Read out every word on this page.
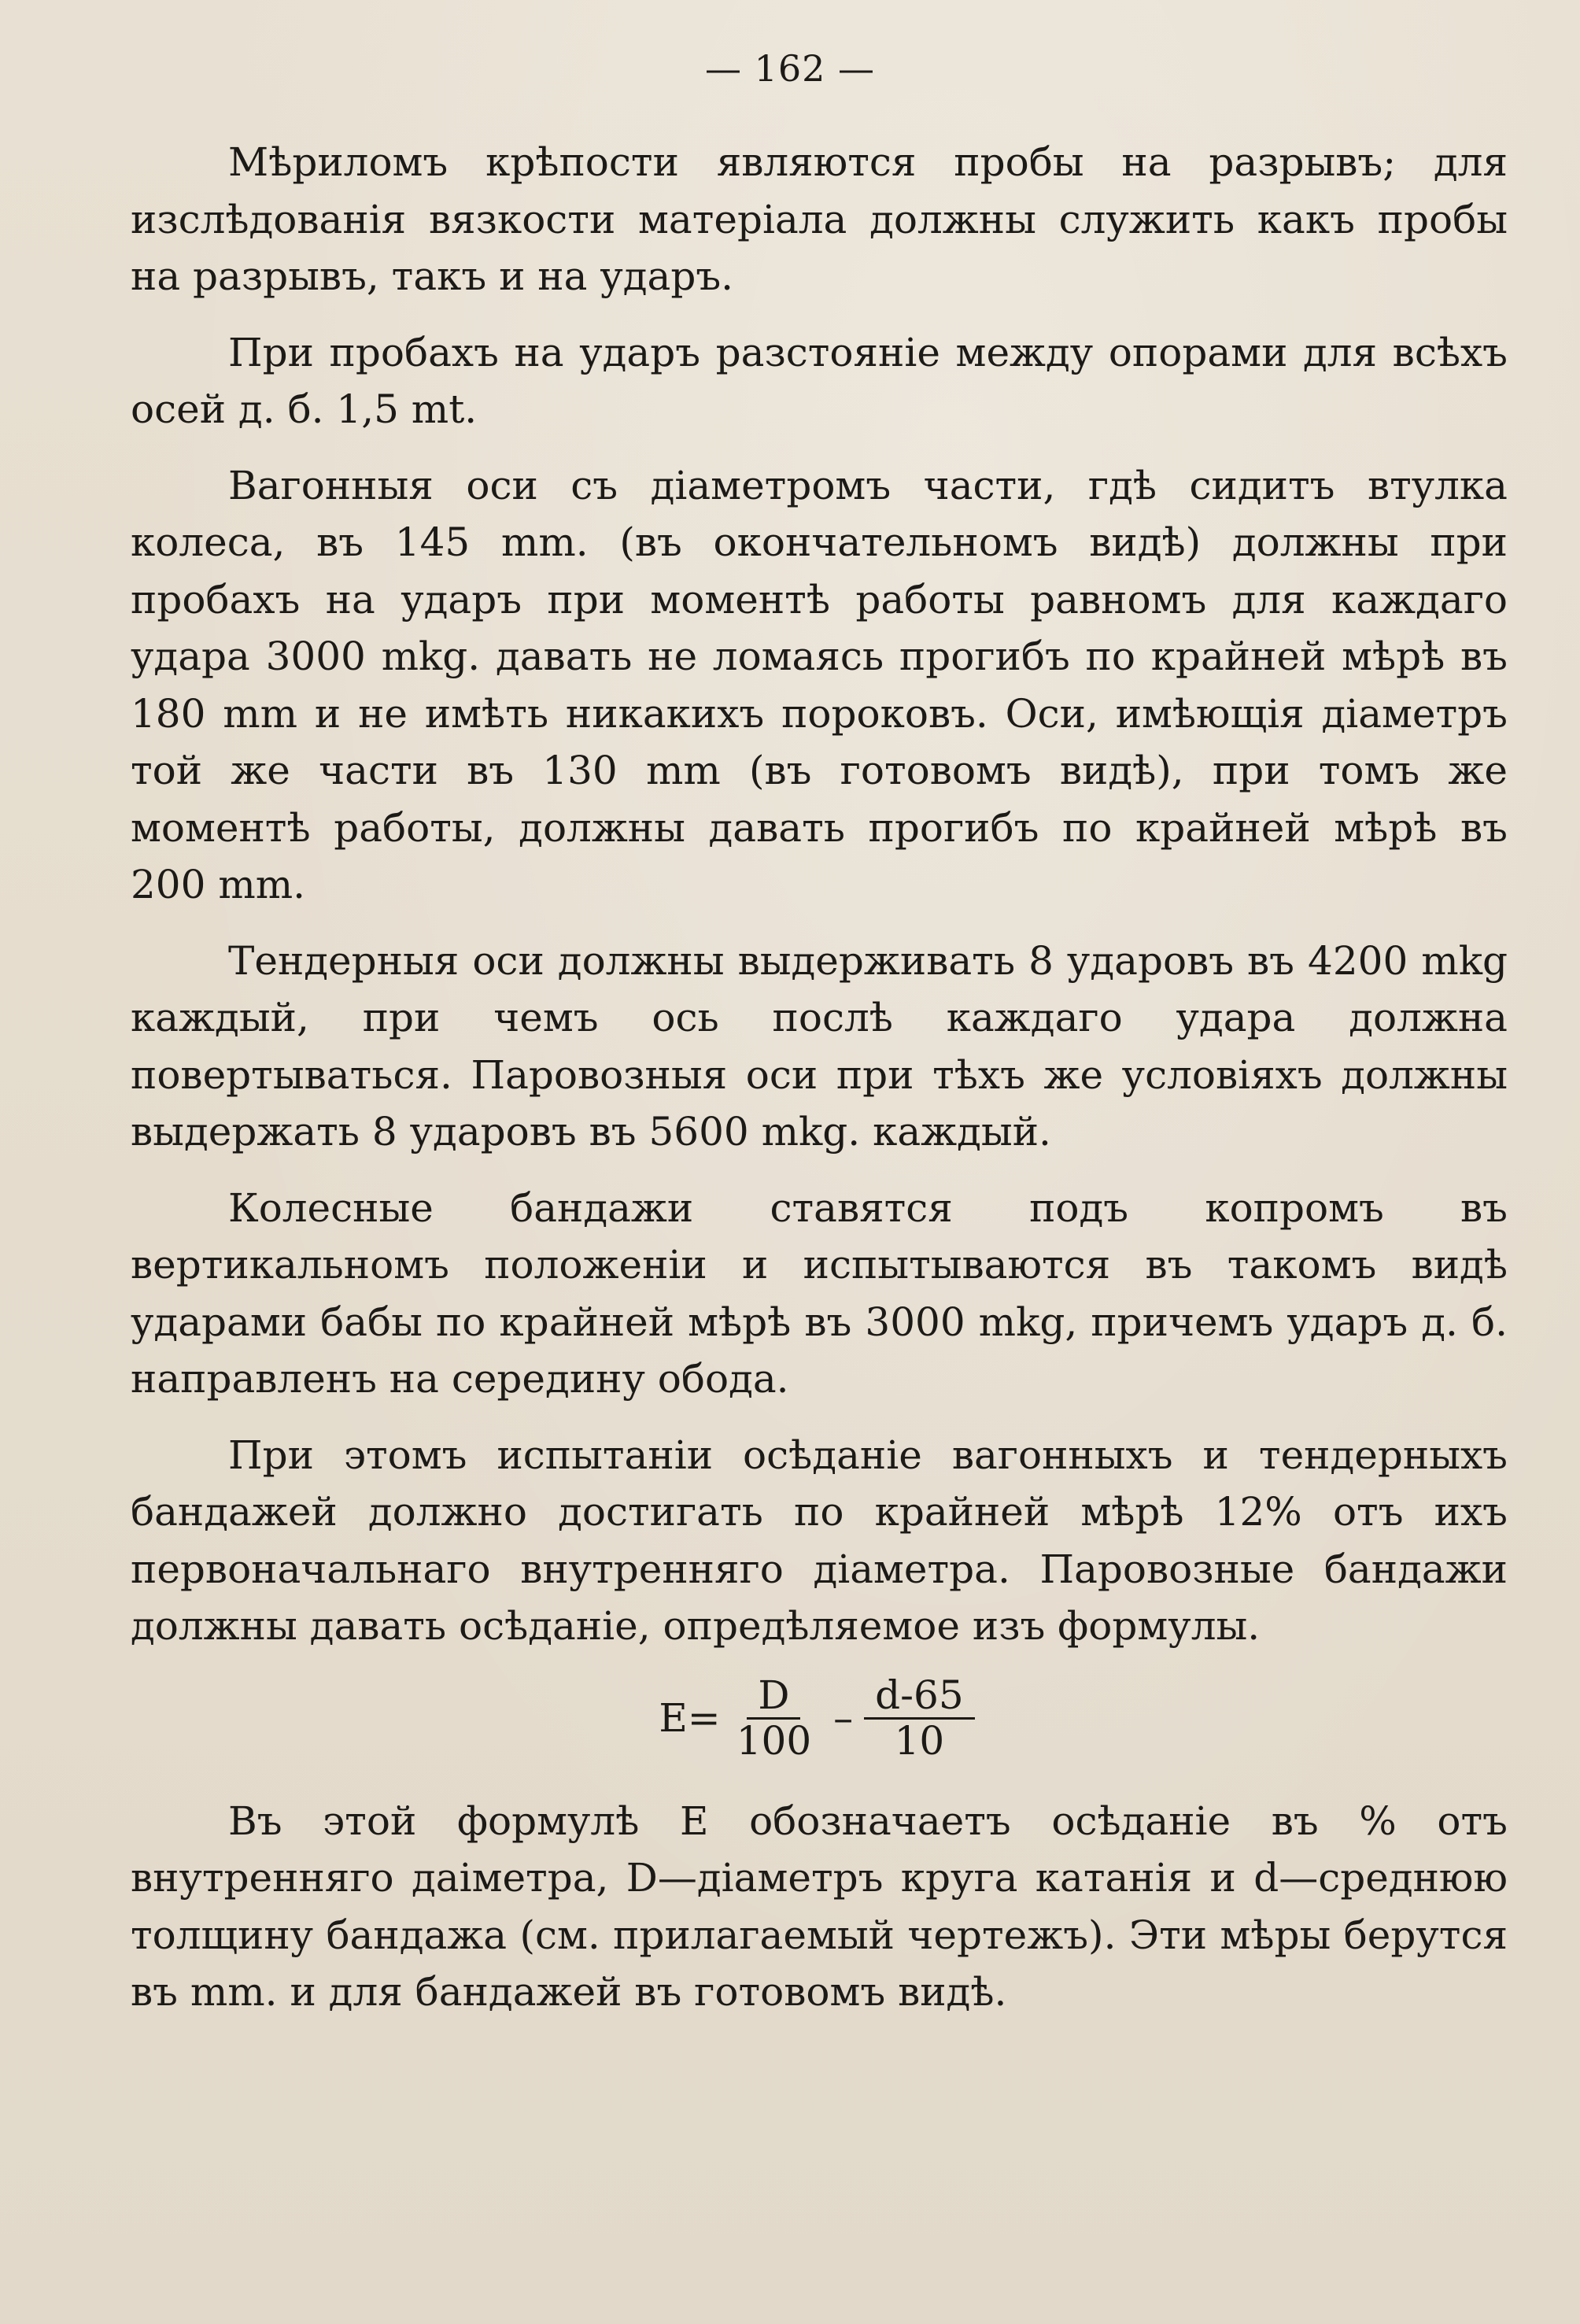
— 162 —

Мѣриломъ крѣпости являются пробы на разрывъ; для изслѣдованія вязкости матеріала должны служить какъ пробы на разрывъ, такъ и на ударъ.

При пробахъ на ударъ разстояніе между опорами для всѣхъ осей д. б. 1,5 mt.

Вагонныя оси съ діаметромъ части, гдѣ сидитъ втулка колеса, въ 145 mm. (въ окончательномъ видѣ) должны при пробахъ на ударъ при моментѣ работы равномъ для каждаго удара 3000 mkg. давать не ломаясь прогибъ по крайней мѣрѣ въ 180 mm и не имѣть никакихъ пороковъ. Оси, имѣющія діаметръ той же части въ 130 mm (въ готовомъ видѣ), при томъ же моментѣ работы, должны давать прогибъ по крайней мѣрѣ въ 200 mm.

Тендерныя оси должны выдерживать 8 ударовъ въ 4200 mkg каждый, при чемъ ось послѣ каждаго удара должна повертываться. Паровозныя оси при тѣхъ же условіяхъ должны выдержать 8 ударовъ въ 5600 mkg. каждый.

Колесные бандажи ставятся подъ копромъ въ вертикальномъ положеніи и испытываются въ такомъ видѣ ударами бабы по крайней мѣрѣ въ 3000 mkg, причемъ ударъ д. б. направленъ на середину обода.

При этомъ испытаніи осѣданіе вагонныхъ и тендерныхъ бандажей должно достигать по крайней мѣрѣ 12% отъ ихъ первоначальнаго внутренняго діаметра. Паровозные бандажи должны давать осѣданіе, опредѣляемое изъ формулы.

$E= \frac{D}{100} - \frac{d-65}{10}$

Въ этой формулѣ E обозначаетъ осѣданіе въ % отъ внутренняго даіметра, D—діаметръ круга катанія и d—среднюю толщину бандажа (см. прилагаемый чертежъ). Эти мѣры берутся въ mm. и для бандажей въ готовомъ видѣ.
